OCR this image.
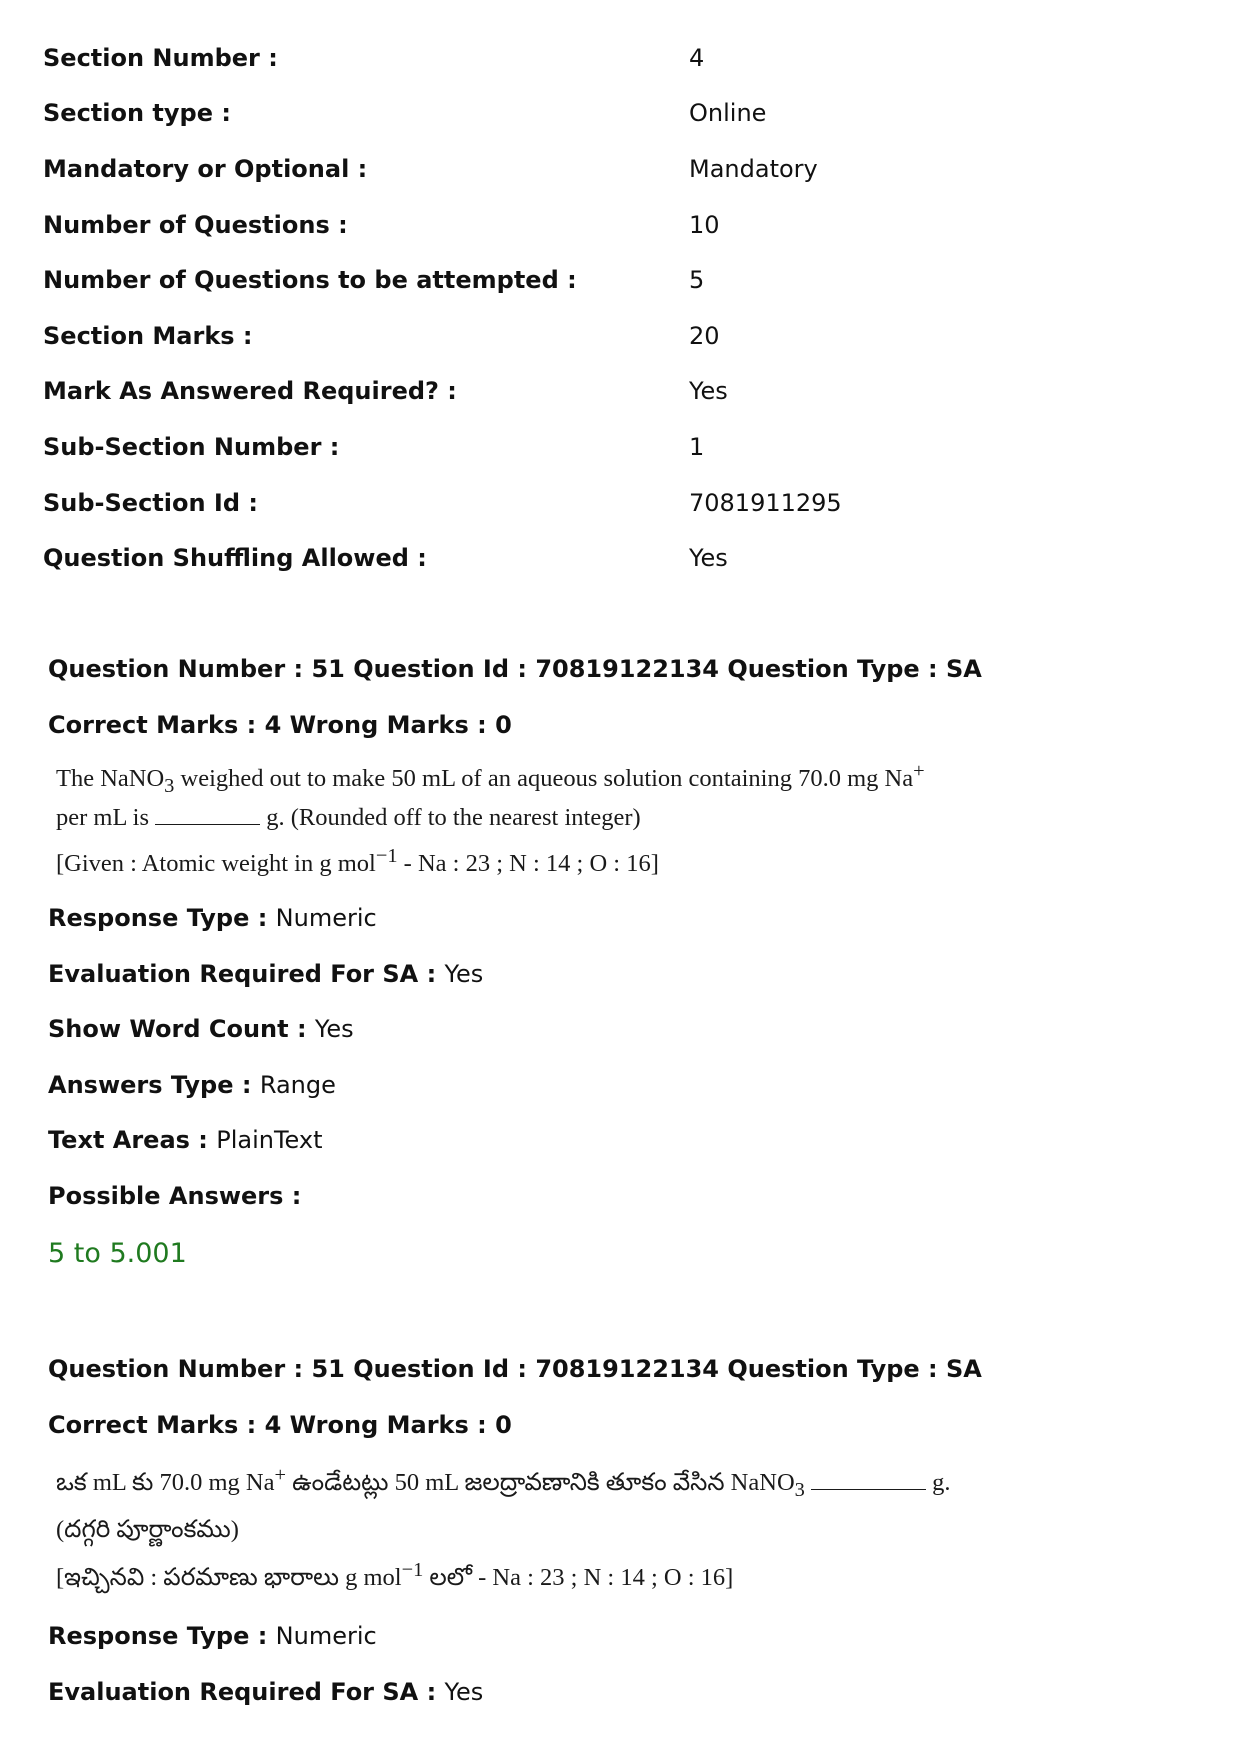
Section Number :	4
Section type :	Online
Mandatory or Optional :	Mandatory
Number of Questions :	10
Number of Questions to be attempted :	5
Section Marks :	20
Mark As Answered Required? :	Yes
Sub-Section Number :	1
Sub-Section Id :	7081911295
Question Shuffling Allowed :	Yes
Question Number : 51 Question Id : 70819122134 Question Type : SA
Correct Marks : 4 Wrong Marks : 0
The NaNO$_3$ weighed out to make 50 mL of an aqueous solution containing 70.0 mg Na+
per mL is	g. (Rounded off to the nearest integer)
[Given : Atomic weight in g mol$^{-1}$ - Na : 23 ; N : 14 ; O : 16]
Response Type : Numeric
Evaluation Required For SA : Yes
Show Word Count : Yes
Answers Type : Range
Text Areas : PlainText
Possible Answers :
5 to 5.001
Question Number : 51 Question Id : 70819122134 Question Type : SA
Correct Marks : 4 Wrong Marks : 0
ఒక mL కు 70.0 mg Na+ ఉండేటట్లు 50 mL జలద్రావణానికి తూకం వేసిన NaNO$_3$	g.
(దగ్గరి పూర్ణాంకము)
[ఇచ్చినవి : పరమాణు భారాలు g mol$^{-1}$ లలో - Na : 23 ; N : 14 ; O : 16]
Response Type : Numeric
Evaluation Required For SA : Yes
